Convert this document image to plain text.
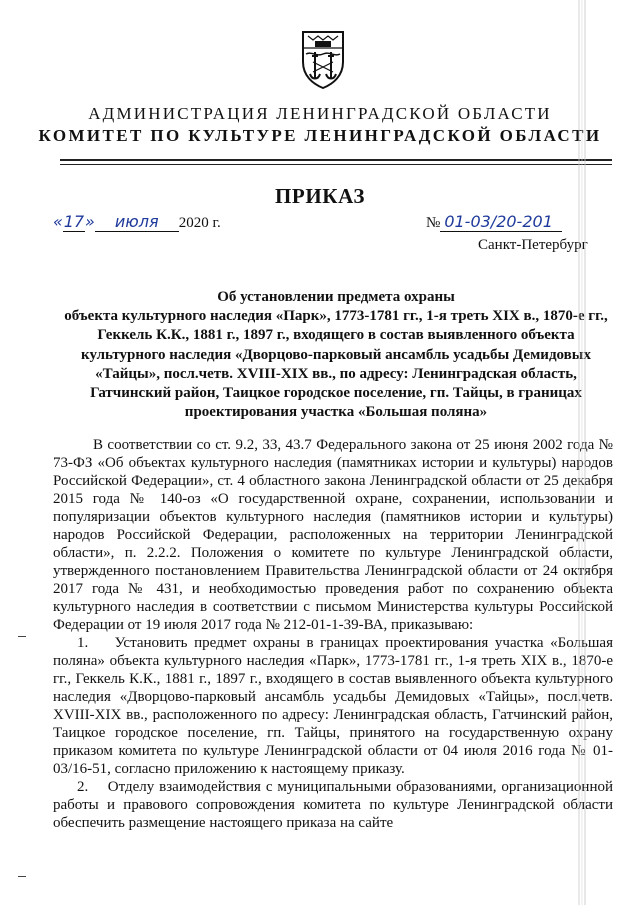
АДМИНИСТРАЦИЯ ЛЕНИНГРАДСКОЙ ОБЛАСТИ
КОМИТЕТ ПО КУЛЬТУРЕ ЛЕНИНГРАДСКОЙ ОБЛАСТИ
ПРИКАЗ
«17» июля 2020 г.	№ 01-03/20-201
Санкт-Петербург
Об установлении предмета охраны
объекта культурного наследия «Парк», 1773-1781 гг., 1-я треть XIX в., 1870-е гг., Геккель К.К., 1881 г., 1897 г., входящего в состав выявленного объекта культурного наследия «Дворцово-парковый ансамбль усадьбы Демидовых «Тайцы», посл.четв. XVIII-XIX вв., по адресу: Ленинградская область, Гатчинский район, Таицкое городское поселение, гп. Тайцы, в границах проектирования участка «Большая поляна»

В соответствии со ст. 9.2, 33, 43.7 Федерального закона от 25 июня 2002 года № 73-ФЗ «Об объектах культурного наследия (памятниках истории и культуры) народов Российской Федерации», ст. 4 областного закона Ленинградской области от 25 декабря 2015 года № 140-оз «О государственной охране, сохранении, использовании и популяризации объектов культурного наследия (памятников истории и культуры) народов Российской Федерации, расположенных на территории Ленинградской области», п. 2.2.2. Положения о комитете по культуре Ленинградской области, утвержденного постановлением Правительства Ленинградской области от 24 октября 2017 года № 431, и необходимостью проведения работ по сохранению объекта культурного наследия в соответствии с письмом Министерства культуры Российской Федерации от 19 июля 2017 года № 212-01-1-39-ВА, приказываю:

1.    Установить предмет охраны в границах проектирования участка «Большая поляна» объекта культурного наследия «Парк», 1773-1781 гг., 1-я треть XIX в., 1870-е гг., Геккель К.К., 1881 г., 1897 г., входящего в состав выявленного объекта культурного наследия «Дворцово-парковый ансамбль усадьбы Демидовых «Тайцы», посл.четв. XVIII-XIX вв., расположенного по адресу: Ленинградская область, Гатчинский район, Таицкое городское поселение, гп. Тайцы, принятого на государственную охрану приказом комитета по культуре Ленинградской области от 04 июля 2016 года № 01-03/16-51, согласно приложению к настоящему приказу.

2.    Отделу взаимодействия с муниципальными образованиями, организационной работы и правового сопровождения комитета по культуре Ленинградской области обеспечить размещение настоящего приказа на сайте
